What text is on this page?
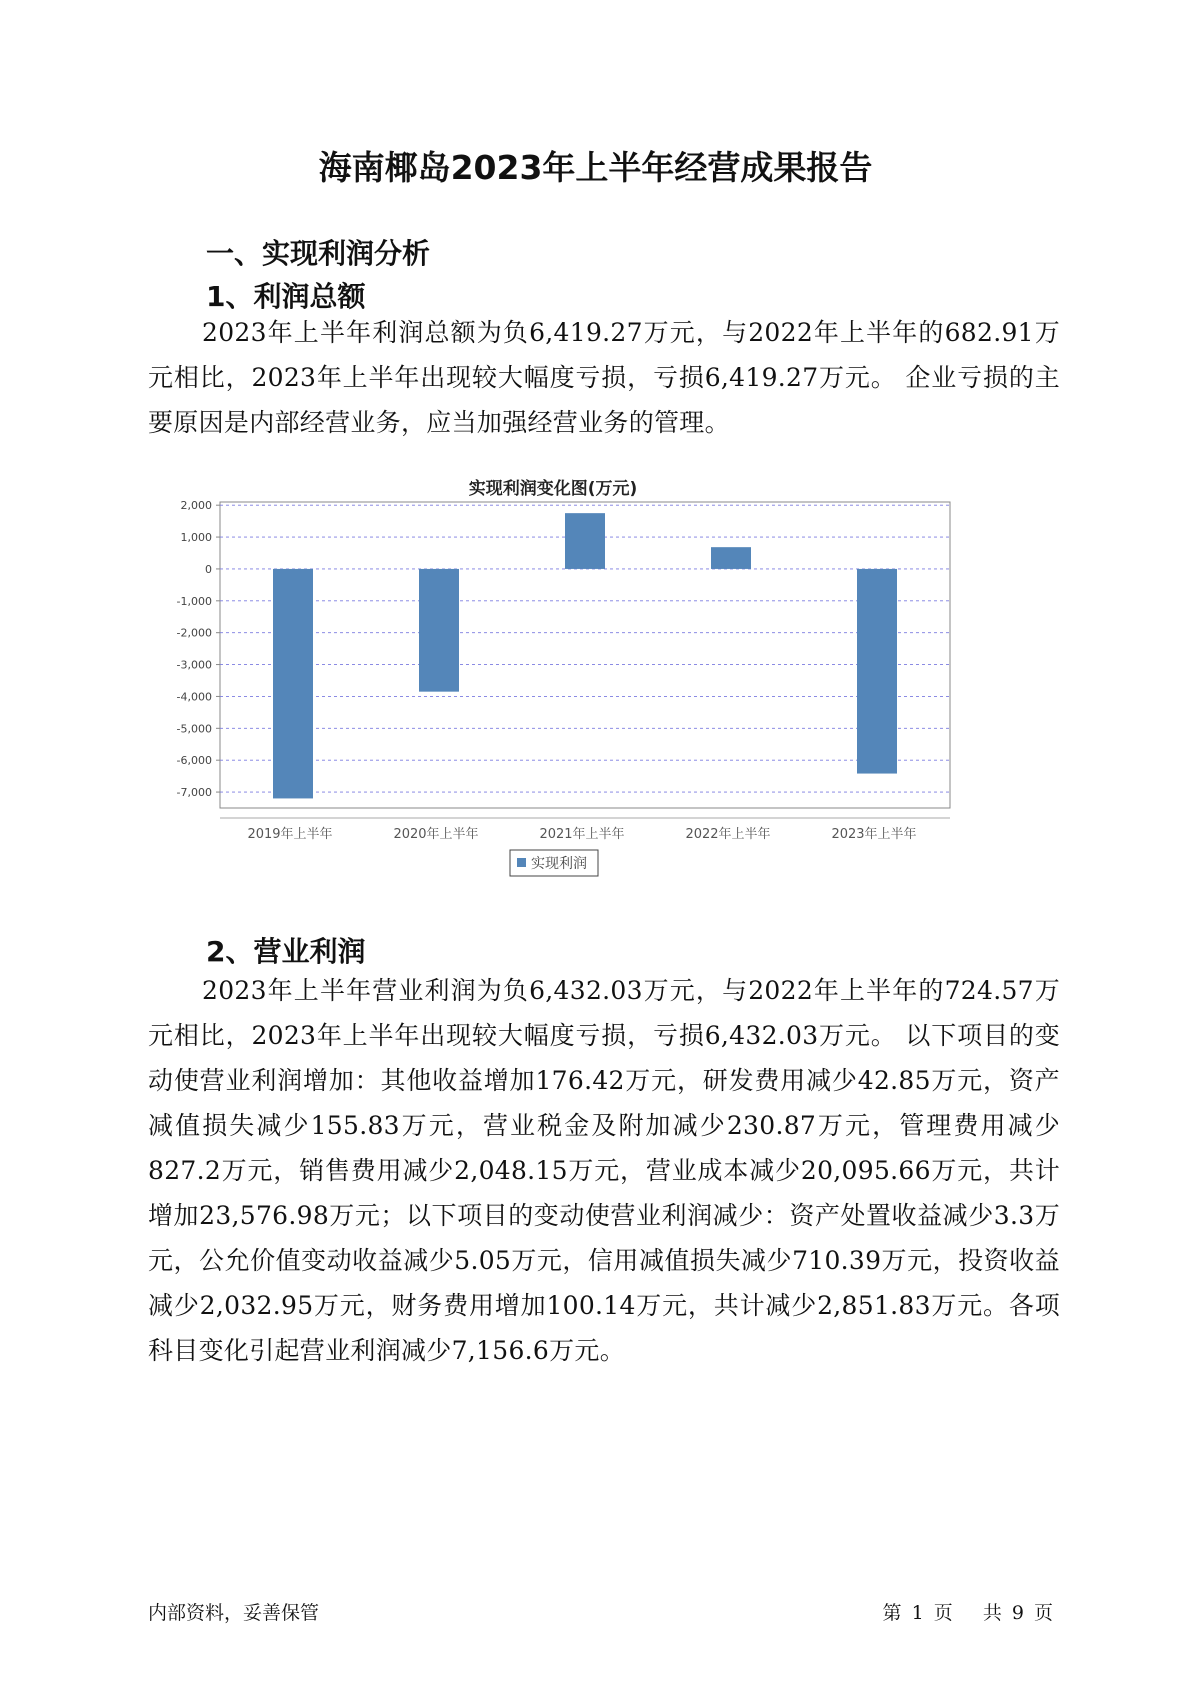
海南椰岛2023年上半年经营成果报告
一、实现利润分析
1、利润总额

2023年上半年利润总额为负6,419.27万元，与2022年上半年的682.91万元相比，2023年上半年出现较大幅度亏损，亏损6,419.27万元。 企业亏损的主要原因是内部经营业务，应当加强经营业务的管理。

实现利润变化图(万元)
2,000
1,000
0
-1,000
-2,000
-3,000
-4,000
-5,000
-6,000
-7,000
2019年上半年	2020年上半年	2021年上半年	2022年上半年	2023年上半年
实现利润
2、营业利润

2023年上半年营业利润为负6,432.03万元，与2022年上半年的724.57万元相比，2023年上半年出现较大幅度亏损，亏损6,432.03万元。 以下项目的变动使营业利润增加：其他收益增加176.42万元，研发费用减少42.85万元，资产减值损失减少155.83万元，营业税金及附加减少230.87万元，管理费用减少827.2万元，销售费用减少2,048.15万元，营业成本减少20,095.66万元，共计增加23,576.98万元；以下项目的变动使营业利润减少：资产处置收益减少3.3万元，公允价值变动收益减少5.05万元，信用减值损失减少710.39万元，投资收益减少2,032.95万元，财务费用增加100.14万元，共计减少2,851.83万元。各项科目变化引起营业利润减少7,156.6万元。

内部资料，妥善保管	第 1 页   共 9 页
